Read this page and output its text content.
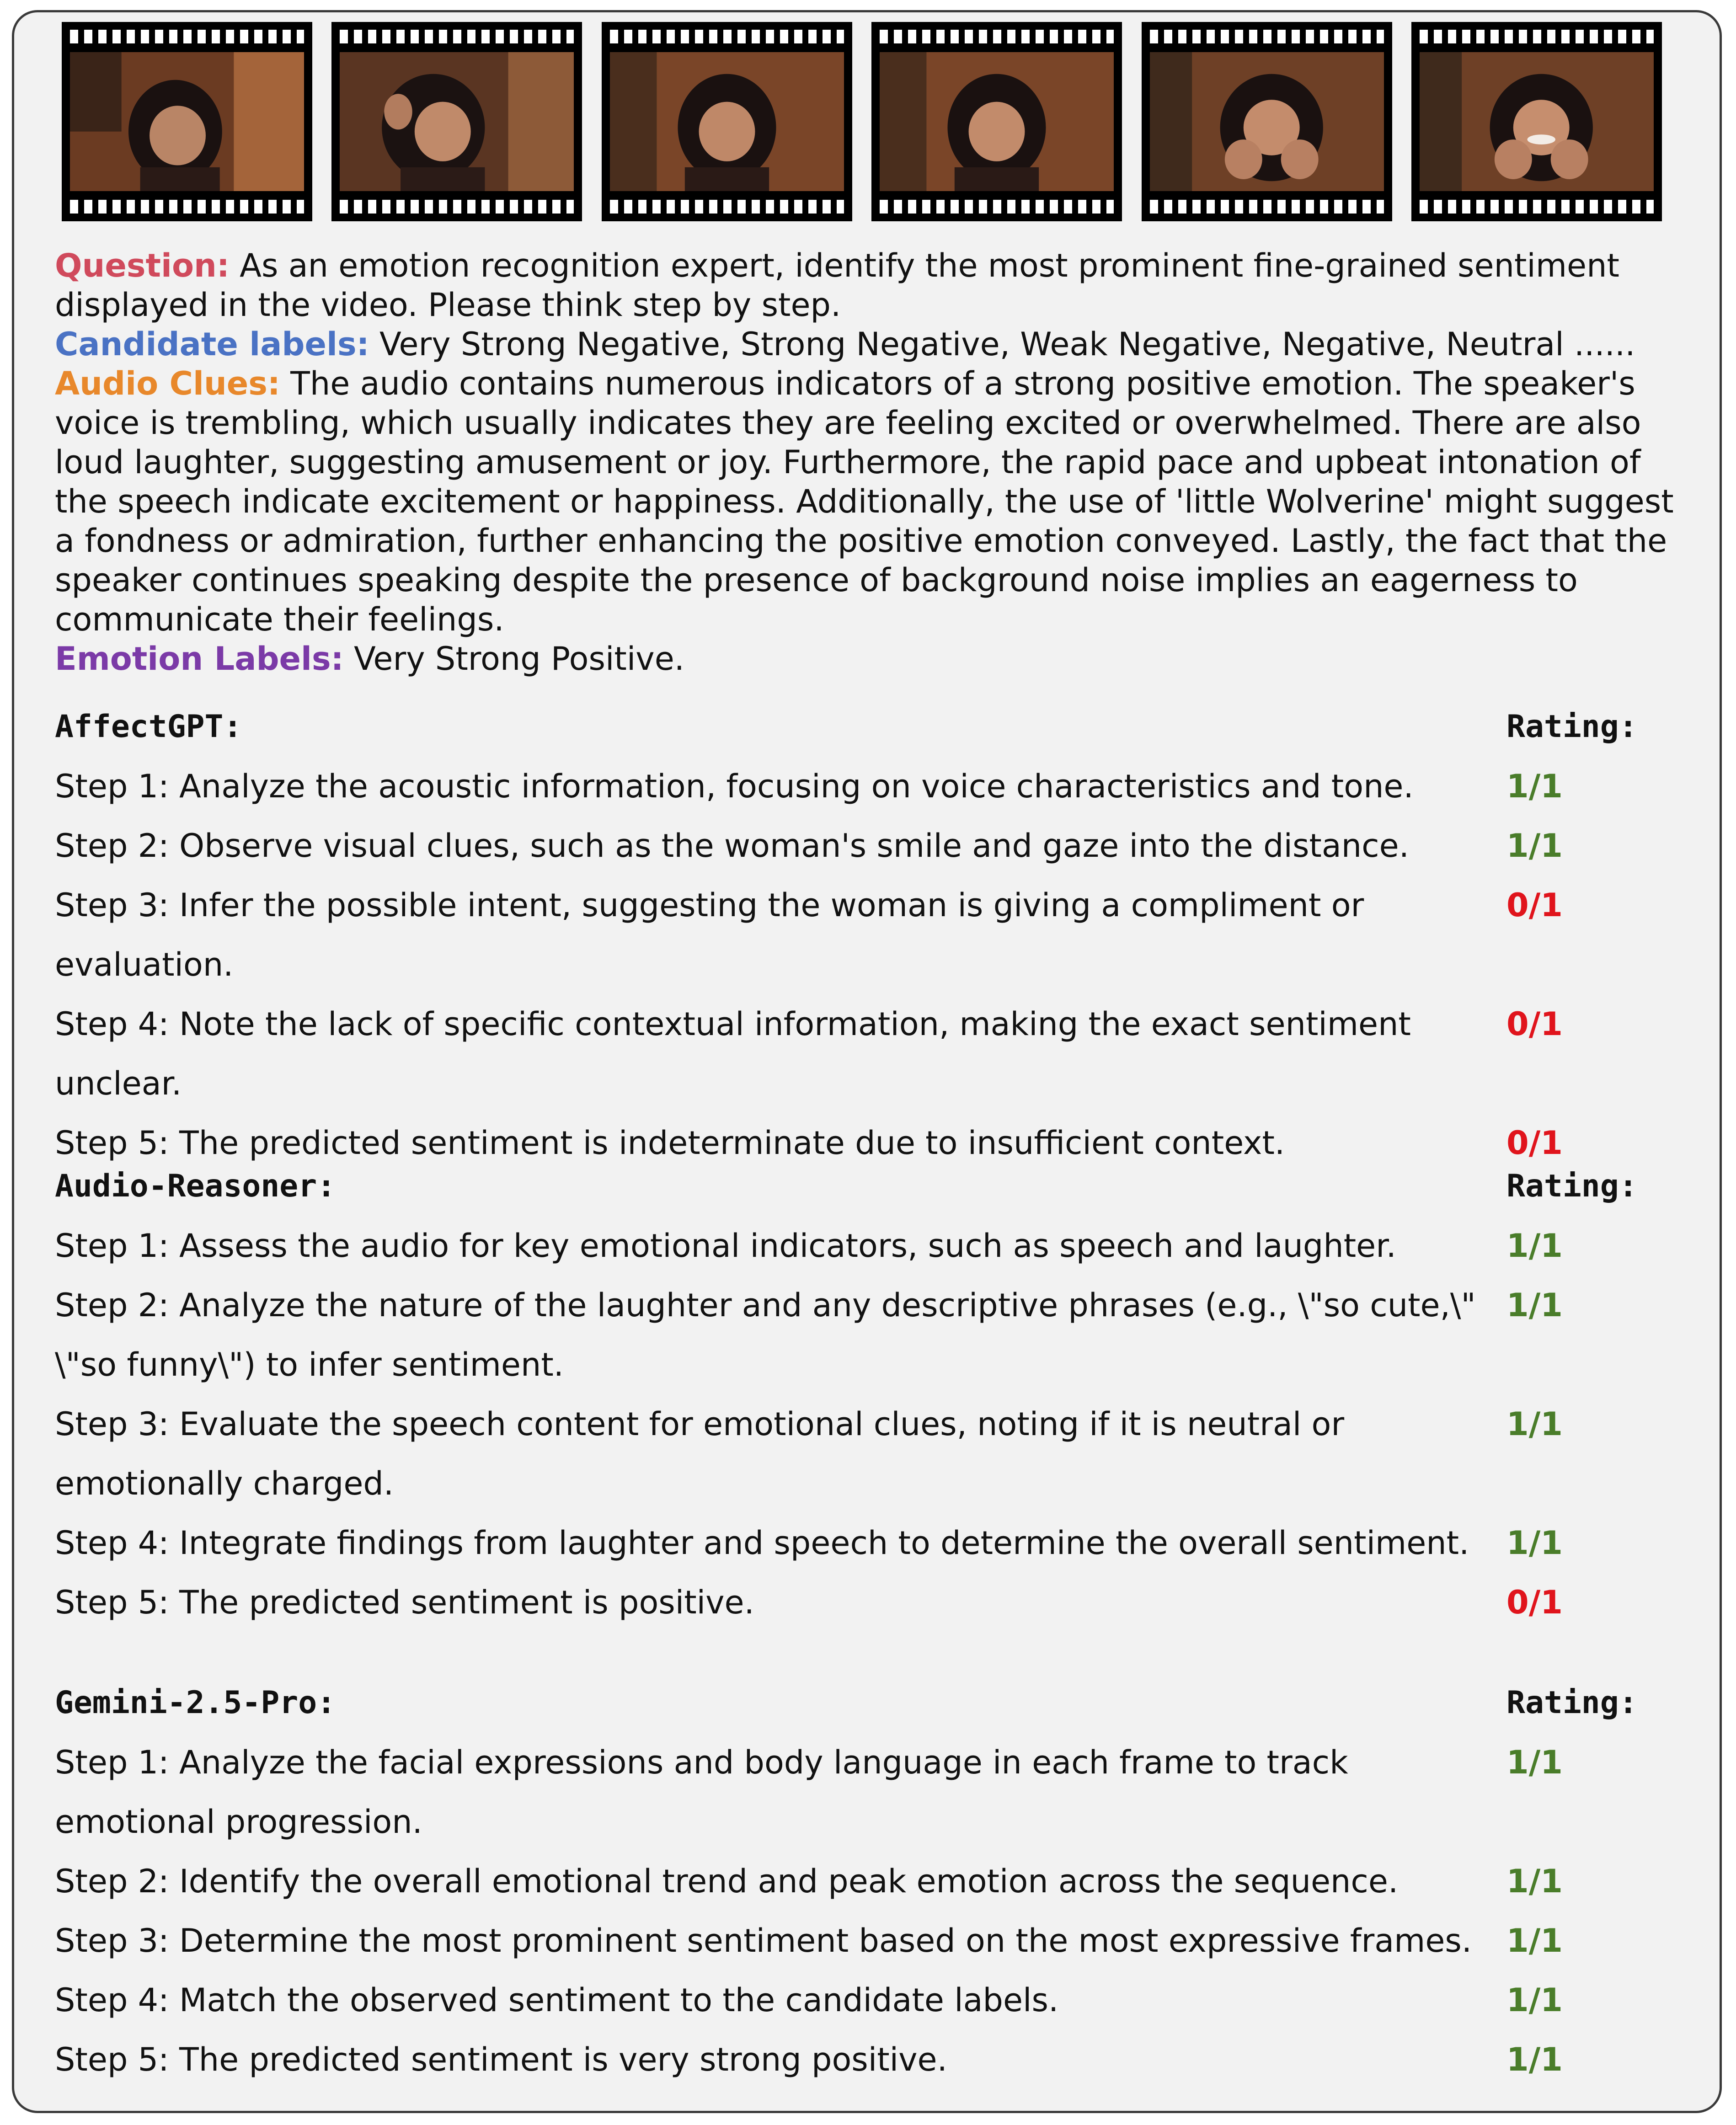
Question: As an emotion recognition expert, identify the most prominent fine-grained sentiment displayed in the video. Please think step by step.

Candidate labels: Very Strong Negative, Strong Negative, Weak Negative, Negative, Neutral ......

Audio Clues: The audio contains numerous indicators of a strong positive emotion. The speaker's voice is trembling, which usually indicates they are feeling excited or overwhelmed. There are also loud laughter, suggesting amusement or joy. Furthermore, the rapid pace and upbeat intonation of the speech indicate excitement or happiness. Additionally, the use of 'little Wolverine' might suggest a fondness or admiration, further enhancing the positive emotion conveyed. Lastly, the fact that the speaker continues speaking despite the presence of background noise implies an eagerness to communicate their feelings.

Emotion Labels: Very Strong Positive.

AffectGPT:	Rating:
Step 1: Analyze the acoustic information, focusing on voice characteristics and tone.	1/1
Step 2: Observe visual clues, such as the woman's smile and gaze into the distance.	1/1
Step 3: Infer the possible intent, suggesting the woman is giving a compliment or evaluation.
0/1
Step 4: Note the lack of specific contextual information, making the exact sentiment unclear.
0/1
Step 5: The predicted sentiment is indeterminate due to insufficient context.	0/1
Audio-Reasoner:	Rating:
Step 1: Assess the audio for key emotional indicators, such as speech and laughter.	1/1
Step 2: Analyze the nature of the laughter and any descriptive phrases (e.g., \"so cute,\" \"so funny\") to infer sentiment.
1/1
Step 3: Evaluate the speech content for emotional clues, noting if it is neutral or emotionally charged.
1/1
Step 4: Integrate findings from laughter and speech to determine the overall sentiment.	1/1
Step 5: The predicted sentiment is positive.	0/1
Gemini-2.5-Pro:	Rating:
Step 1: Analyze the facial expressions and body language in each frame to track emotional progression.
1/1
Step 2: Identify the overall emotional trend and peak emotion across the sequence.	1/1
Step 3: Determine the most prominent sentiment based on the most expressive frames.	1/1
Step 4: Match the observed sentiment to the candidate labels.	1/1
Step 5: The predicted sentiment is very strong positive.	1/1
